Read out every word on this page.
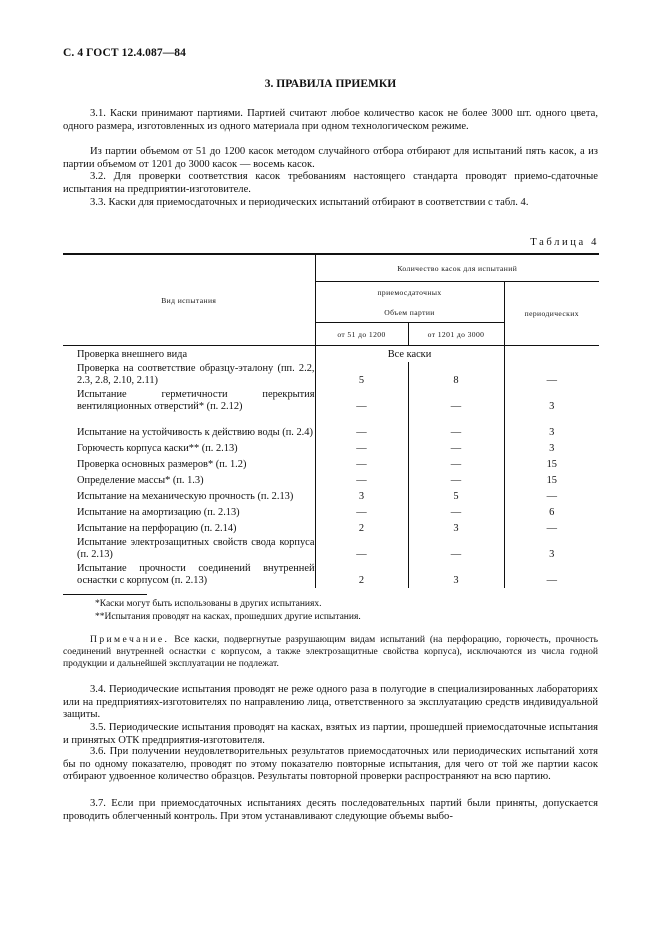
С. 4 ГОСТ 12.4.087—84
3. ПРАВИЛА ПРИЕМКИ

3.1. Каски принимают партиями. Партией считают любое количество касок не более 3000 шт. одного цвета, одного размера, изготовленных из одного материала при одном технологическом режиме.

Из партии объемом от 51 до 1200 касок методом случайного отбора отбирают для испытаний пять касок, а из партии объемом от 1201 до 3000 касок — восемь касок.

3.2. Для проверки соответствия касок требованиям настоящего стандарта проводят приемо-сдаточные испытания на предприятии-изготовителе.

3.3. Каски для приемосдаточных и периодических испытаний отбирают в соответствии с табл. 4.

Таблица 4
Вид испытания	Количество касок для испытаний		
	приемосдаточных		периодических
	Объем партии		
	от 51 до 1200	от 1201 до 3000	
Проверка внешнего вида	Все каски		
Проверка на соответствие образцу-эталону (пп. 2.2, 2.3, 2.8, 2.10, 2.11)	5	8	—
Испытание герметичности перекрытия вентиляционных отверстий* (п. 2.12)	—	—	3
Испытание на устойчивость к действию воды (п. 2.4)	—	—	3
Горючесть корпуса каски** (п. 2.13)	—	—	3
Проверка основных размеров* (п. 1.2)	—	—	15
Определение массы* (п. 1.3)	—	—	15
Испытание на механическую прочность (п. 2.13)	3	5	—
Испытание на амортизацию (п. 2.13)	—	—	6
Испытание на перфорацию (п. 2.14)	2	3	—
Испытание электрозащитных свойств свода корпуса (п. 2.13)	—	—	3
Испытание прочности соединений внутренней оснастки с корпусом (п. 2.13)	2	3	—
*Каски могут быть использованы в других испытаниях.
**Испытания проводят на касках, прошедших другие испытания.

Примечание. Все каски, подвергнутые разрушающим видам испытаний (на перфорацию, горючесть, прочность соединений внутренней оснастки с корпусом, а также электрозащитные свойства корпуса), исключаются из числа годной продукции и дальнейшей эксплуатации не подлежат.

3.4. Периодические испытания проводят не реже одного раза в полугодие в специализированных лабораториях или на предприятиях-изготовителях по направлению лица, ответственного за эксплуатацию средств индивидуальной защиты.

3.5. Периодические испытания проводят на касках, взятых из партии, прошедшей приемосдаточные испытания и принятых ОТК предприятия-изготовителя.

3.6. При получении неудовлетворительных результатов приемосдаточных или периодических испытаний хотя бы по одному показателю, проводят по этому показателю повторные испытания, для чего от той же партии касок отбирают удвоенное количество образцов. Результаты повторной проверки распространяют на всю партию.

3.7. Если при приемосдаточных испытаниях десять последовательных партий были приняты, допускается проводить облегченный контроль. При этом устанавливают следующие объемы выбо-
